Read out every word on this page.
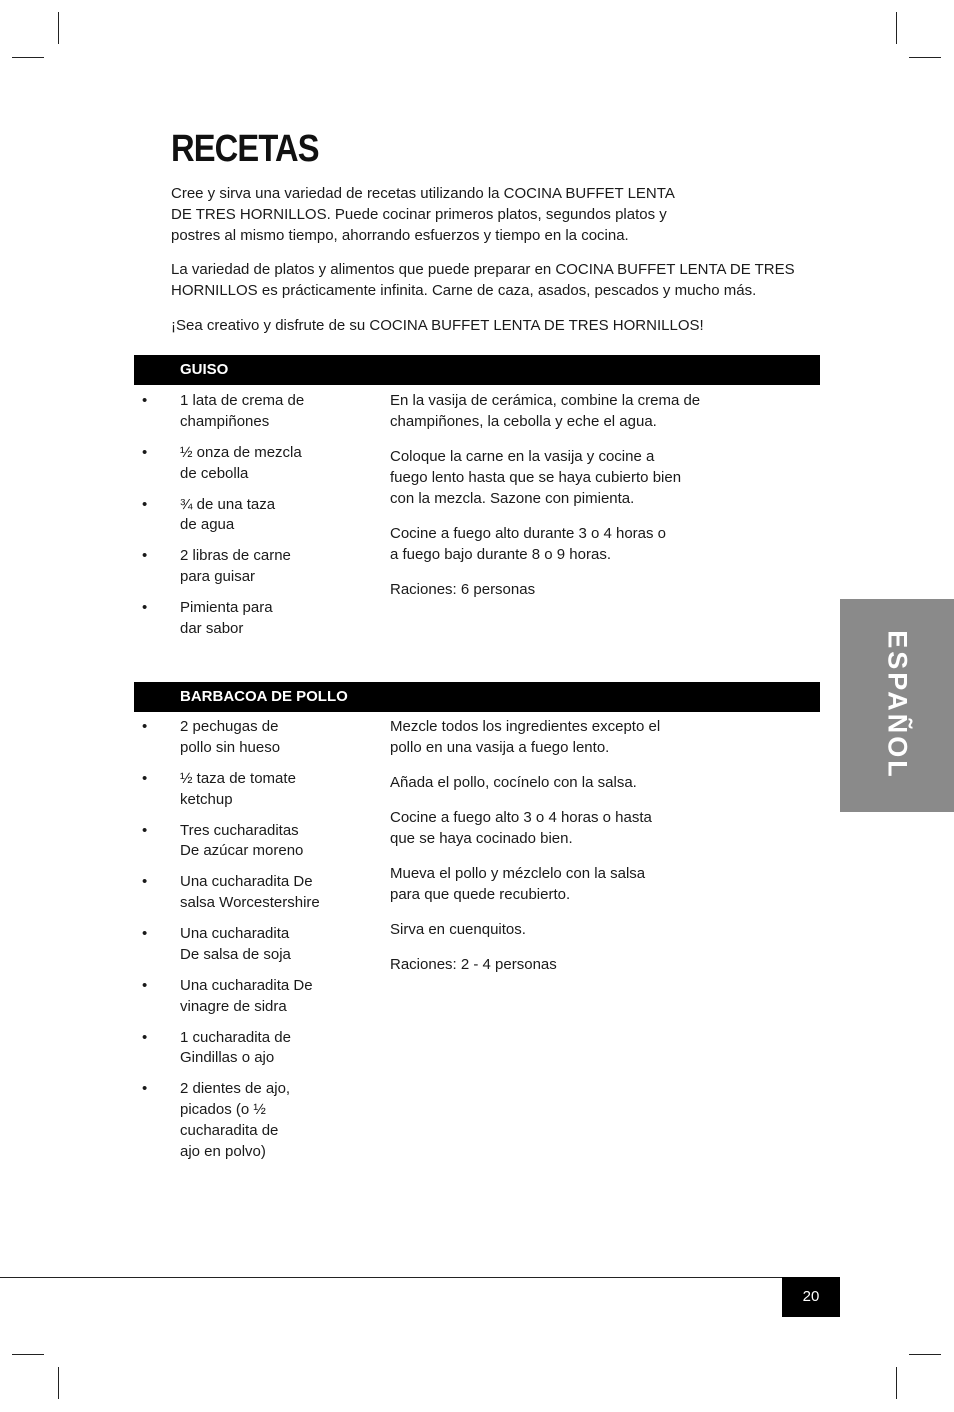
RECETAS

Cree y sirva una variedad de recetas utilizando la COCINA BUFFET LENTA
DE TRES HORNILLOS. Puede cocinar primeros platos, segundos platos y
postres al mismo tiempo, ahorrando esfuerzos y tiempo en la cocina.

La variedad de platos y alimentos que puede preparar en COCINA BUFFET LENTA DE TRES
HORNILLOS es prácticamente infinita. Carne de caza, asados, pescados y mucho más.

¡Sea creativo y disfrute de su COCINA BUFFET LENTA DE TRES HORNILLOS!

GUISO
• 1 lata de crema de
champiñones
• ½ onza de mezcla
de cebolla
• ¾ de una taza
de agua
• 2 libras de carne
para guisar
• Pimienta para
dar sabor

En la vasija de cerámica, combine la crema de
champiñones, la cebolla y eche el agua.

Coloque la carne en la vasija y cocine a
fuego lento hasta que se haya cubierto bien
con la mezcla. Sazone con pimienta.

Cocine a fuego alto durante 3 o 4 horas o
a fuego bajo durante 8 o 9 horas.

Raciones: 6 personas

BARBACOA DE POLLO
• 2 pechugas de
pollo sin hueso
• ½ taza de tomate
ketchup
• Tres cucharaditas
De azúcar moreno
• Una cucharadita De
salsa Worcestershire
• Una cucharadita
De salsa de soja
• Una cucharadita De
vinagre de sidra
• 1 cucharadita de
Gindillas o ajo
• 2 dientes de ajo,
picados (o ½
cucharadita de
ajo en polvo)

Mezcle todos los ingredientes excepto el
pollo en una vasija a fuego lento.

Añada el pollo, cocínelo con la salsa.

Cocine a fuego alto 3 o 4 horas o hasta
que se haya cocinado bien.

Mueva el pollo y mézclelo con la salsa
para que quede recubierto.

Sirva en cuenquitos.

Raciones: 2 - 4 personas

ESPAÑOL
20
